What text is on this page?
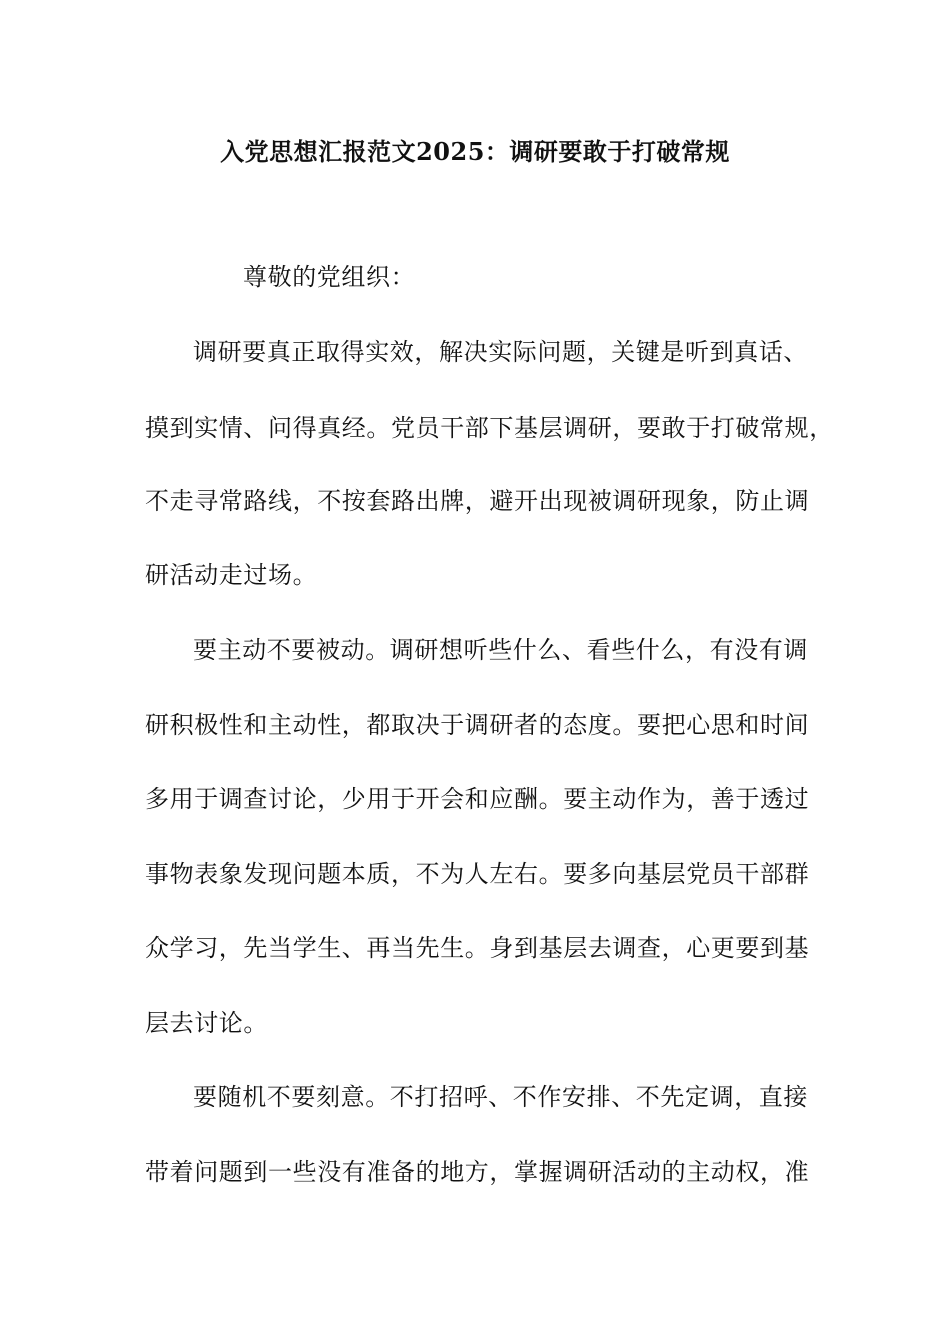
入党思想汇报范文2025：调研要敢于打破常规
尊敬的党组织：
调研要真正取得实效，解决实际问题，关键是听到真话、
摸到实情、问得真经。党员干部下基层调研，要敢于打破常规，
不走寻常路线，不按套路出牌，避开出现被调研现象，防止调
研活动走过场。
要主动不要被动。调研想听些什么、看些什么，有没有调
研积极性和主动性，都取决于调研者的态度。要把心思和时间
多用于调查讨论，少用于开会和应酬。要主动作为，善于透过
事物表象发现问题本质，不为人左右。要多向基层党员干部群
众学习，先当学生、再当先生。身到基层去调查，心更要到基
层去讨论。
要随机不要刻意。不打招呼、不作安排、不先定调，直接
带着问题到一些没有准备的地方，掌握调研活动的主动权，准
